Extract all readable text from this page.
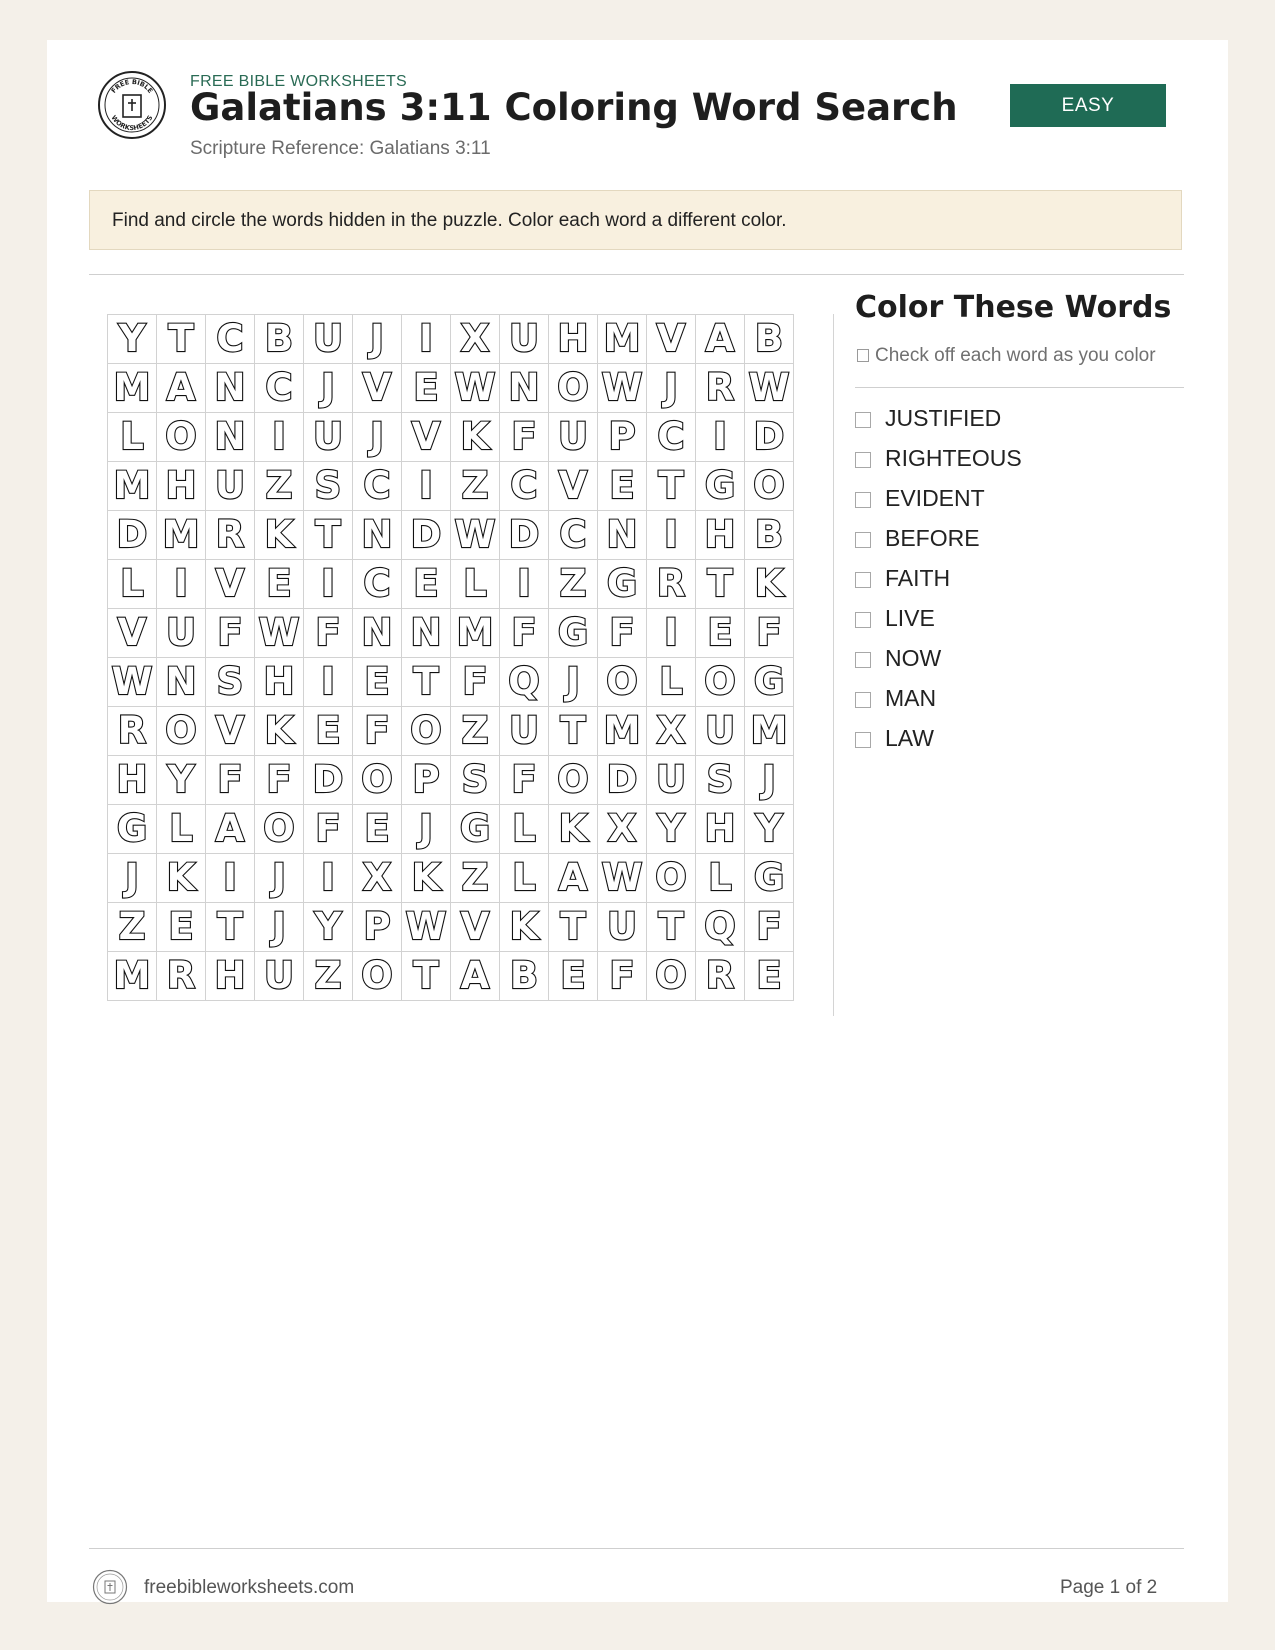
FREE BIBLE
WORKSHEETS
FREE BIBLE WORKSHEETS
Galatians 3:11 Coloring Word Search
Scripture Reference: Galatians 3:11
EASY
Find and circle the words hidden in the puzzle. Color each word a different color.
Y	T	C	B	U	J	I	X	U	H	M	V	A	B
M	A	N	C	J	V	E	W	N	O	W	J	R	W
L	O	N	I	U	J	V	K	F	U	P	C	I	D
M	H	U	Z	S	C	I	Z	C	V	E	T	G	O
D	M	R	K	T	N	D	W	D	C	N	I	H	B
L	I	V	E	I	C	E	L	I	Z	G	R	T	K
V	U	F	W	F	N	N	M	F	G	F	I	E	F
W	N	S	H	I	E	T	F	Q	J	O	L	O	G
R	O	V	K	E	F	O	Z	U	T	M	X	U	M
H	Y	F	F	D	O	P	S	F	O	D	U	S	J
G	L	A	O	F	E	J	G	L	K	X	Y	H	Y
J	K	I	J	I	X	K	Z	L	A	W	O	L	G
Z	E	T	J	Y	P	W	V	K	T	U	T	Q	F
M	R	H	U	Z	O	T	A	B	E	F	O	R	E
Color These Words
Check off each word as you color
JUSTIFIED
RIGHTEOUS
EVIDENT
BEFORE
FAITH
LIVE
NOW
MAN
LAW
freebibleworksheets.com	Page 1 of 2
